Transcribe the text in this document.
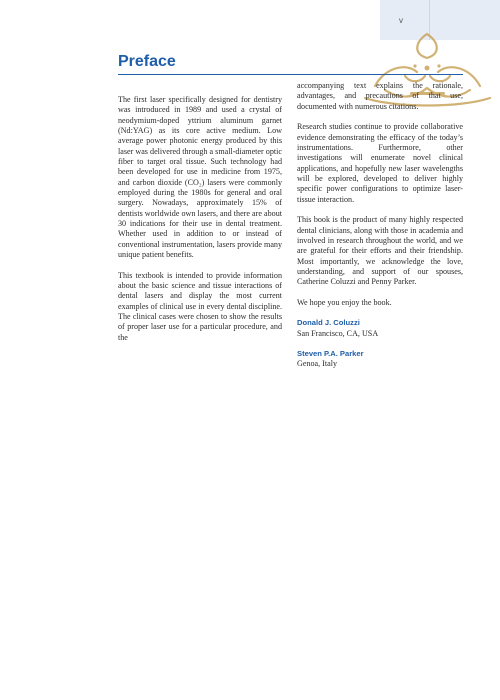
v
Preface

The first laser specifically designed for dentistry was introduced in 1989 and used a crystal of neodymium-doped yttrium aluminum garnet (Nd:YAG) as its core active medium. Low average power photonic energy produced by this laser was delivered through a small-diameter optic fiber to target oral tissue. Such technology had been developed for use in medicine from 1975, and carbon dioxide (CO₂) lasers were commonly employed during the 1980s for general and oral surgery. Nowadays, approximately 15% of dentists worldwide own lasers, and there are about 30 indications for their use in dental treatment. Whether used in addition to or instead of conventional instrumentation, lasers provide many unique patient benefits.

This textbook is intended to provide information about the basic science and tissue interactions of dental lasers and display the most current examples of clinical use in every dental discipline. The clinical cases were chosen to show the results of proper laser use for a particular procedure, and the

accompanying text explains the rationale, advantages, and precautions of that use, documented with numerous citations.

Research studies continue to provide collaborative evidence demonstrating the efficacy of the today’s instrumentations. Furthermore, other investigations will enumerate novel clinical applications, and hopefully new laser wavelengths will be explored, developed to deliver highly specific power configurations to optimize laser-tissue interaction.

This book is the product of many highly respected dental clinicians, along with those in academia and involved in research throughout the world, and we are grateful for their efforts and their friendship. Most importantly, we acknowledge the love, understanding, and support of our spouses, Catherine Coluzzi and Penny Parker.

We hope you enjoy the book.

Donald J. Coluzzi
San Francisco, CA, USA
Steven P.A. Parker
Genoa, Italy
